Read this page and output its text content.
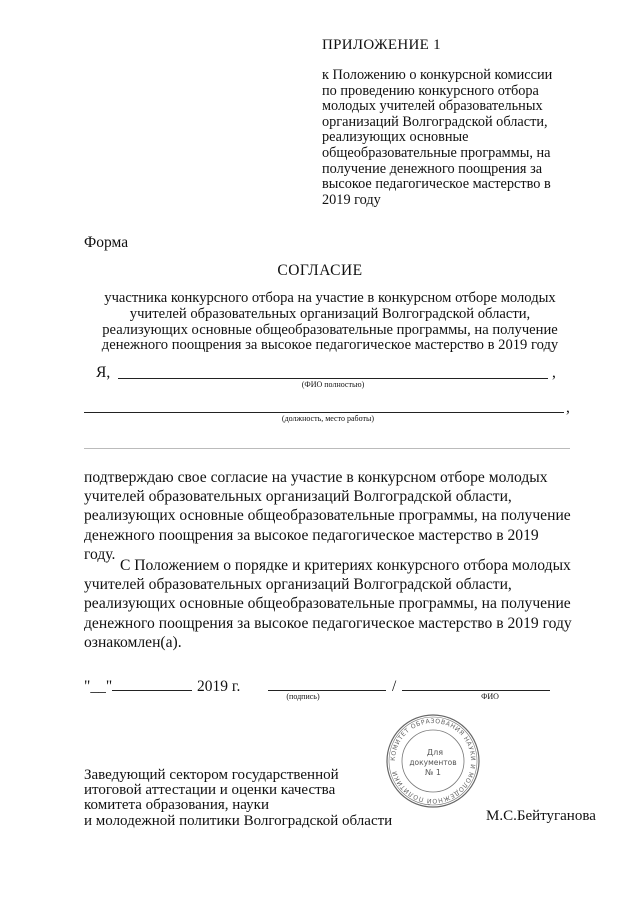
ПРИЛОЖЕНИЕ 1
к Положению о конкурсной комиссии
по проведению конкурсного отбора
молодых учителей образовательных
организаций Волгоградской области,
реализующих основные
общеобразовательные программы, на
получение денежного поощрения за
высокое педагогическое мастерство в
2019 году
Форма
СОГЛАСИЕ
участника конкурсного отбора на участие в конкурсном отборе молодых
учителей образовательных организаций Волгоградской области,
реализующих основные общеобразовательные программы, на получение
денежного поощрения за высокое педагогическое мастерство в 2019 году
Я,	,
(ФИО полностью)
,
(должность, место работы)
подтверждаю свое согласие на участие в конкурсном отборе молодых
учителей образовательных организаций Волгоградской области,
реализующих основные общеобразовательные программы, на получение
денежного поощрения за высокое педагогическое мастерство в 2019 году.
С Положением о порядке и критериях конкурсного отбора молодых
учителей образовательных организаций Волгоградской области,
реализующих основные общеобразовательные программы, на получение
денежного поощрения за высокое педагогическое мастерство в 2019 году
ознакомлен(а).
"__"	2019 г.
(подпись)
/
ФИО
КОМИТЕТ ОБРАЗОВАНИЯ НАУКИ И МОЛОДЕЖНОЙ ПОЛИТИКИ
Для
документов
№ 1
Заведующий сектором государственной
итоговой аттестации и оценки качества
комитета образования, науки
и молодежной политики Волгоградской области	М.С.Бейтуганова
